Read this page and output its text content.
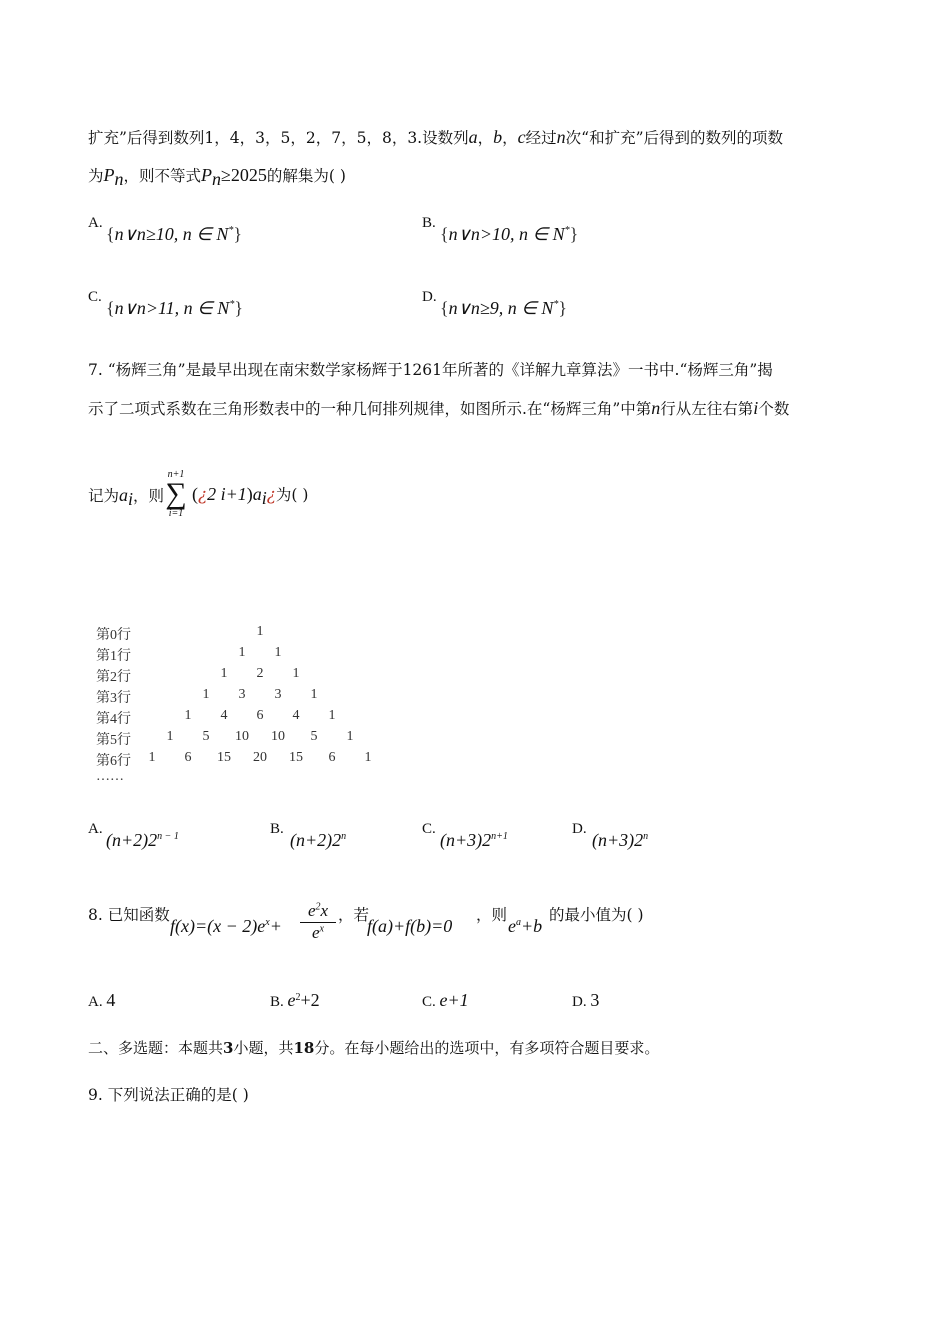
扩充”后得到数列1，4，3，5，2，7，5，8，3.设数列a，b，c经过n次“和扩充”后得到的数列的项数
为$P_n$，则不等式$P_n\ge 2025$的解集为( )
A.
{n∨n≥10, n ∈ N*}
B.
{n∨n>10, n ∈ N*}
C.
{n∨n>11, n ∈ N*}
D.
{n∨n≥9, n ∈ N*}
7. “杨辉三角”是最早出现在南宋数学家杨辉于1261年所著的《详解九章算法》一书中.“杨辉三角”揭
示了二项式系数在三角形数表中的一种几何排列规律，如图所示.在“杨辉三角”中第n行从左往右第i个数
记为$a_i$，则
n+1
∑
i=1
(¿2 $i+1)a_i¿$为( )
第0行	1
第1行	1	1
第2行	1	2	1
第3行	1	3	3	1
第4行	1	4	6	4	1
第5行	1	5	10	10	5	1
第6行	1	6	15	20	15	6	1
……
A.
$(n+2)2^{n - 1}$	B.
$(n+2)2^n$	C.
$(n+3)2^{n+1}$	D.
$(n+3)2^n$
8. 已知函数
$f(x)=(x - 2)e^x+ \frac{e^2x}{e^x}$ ，若
f(a)+f(b)=0
，则
$e^a+b$
的最小值为( )
A. 4	B. $e^2+2$	C. e+1	D. 3
二、多选题：本题共3小题，共18分。在每小题给出的选项中，有多项符合题目要求。
9. 下列说法正确的是( )
